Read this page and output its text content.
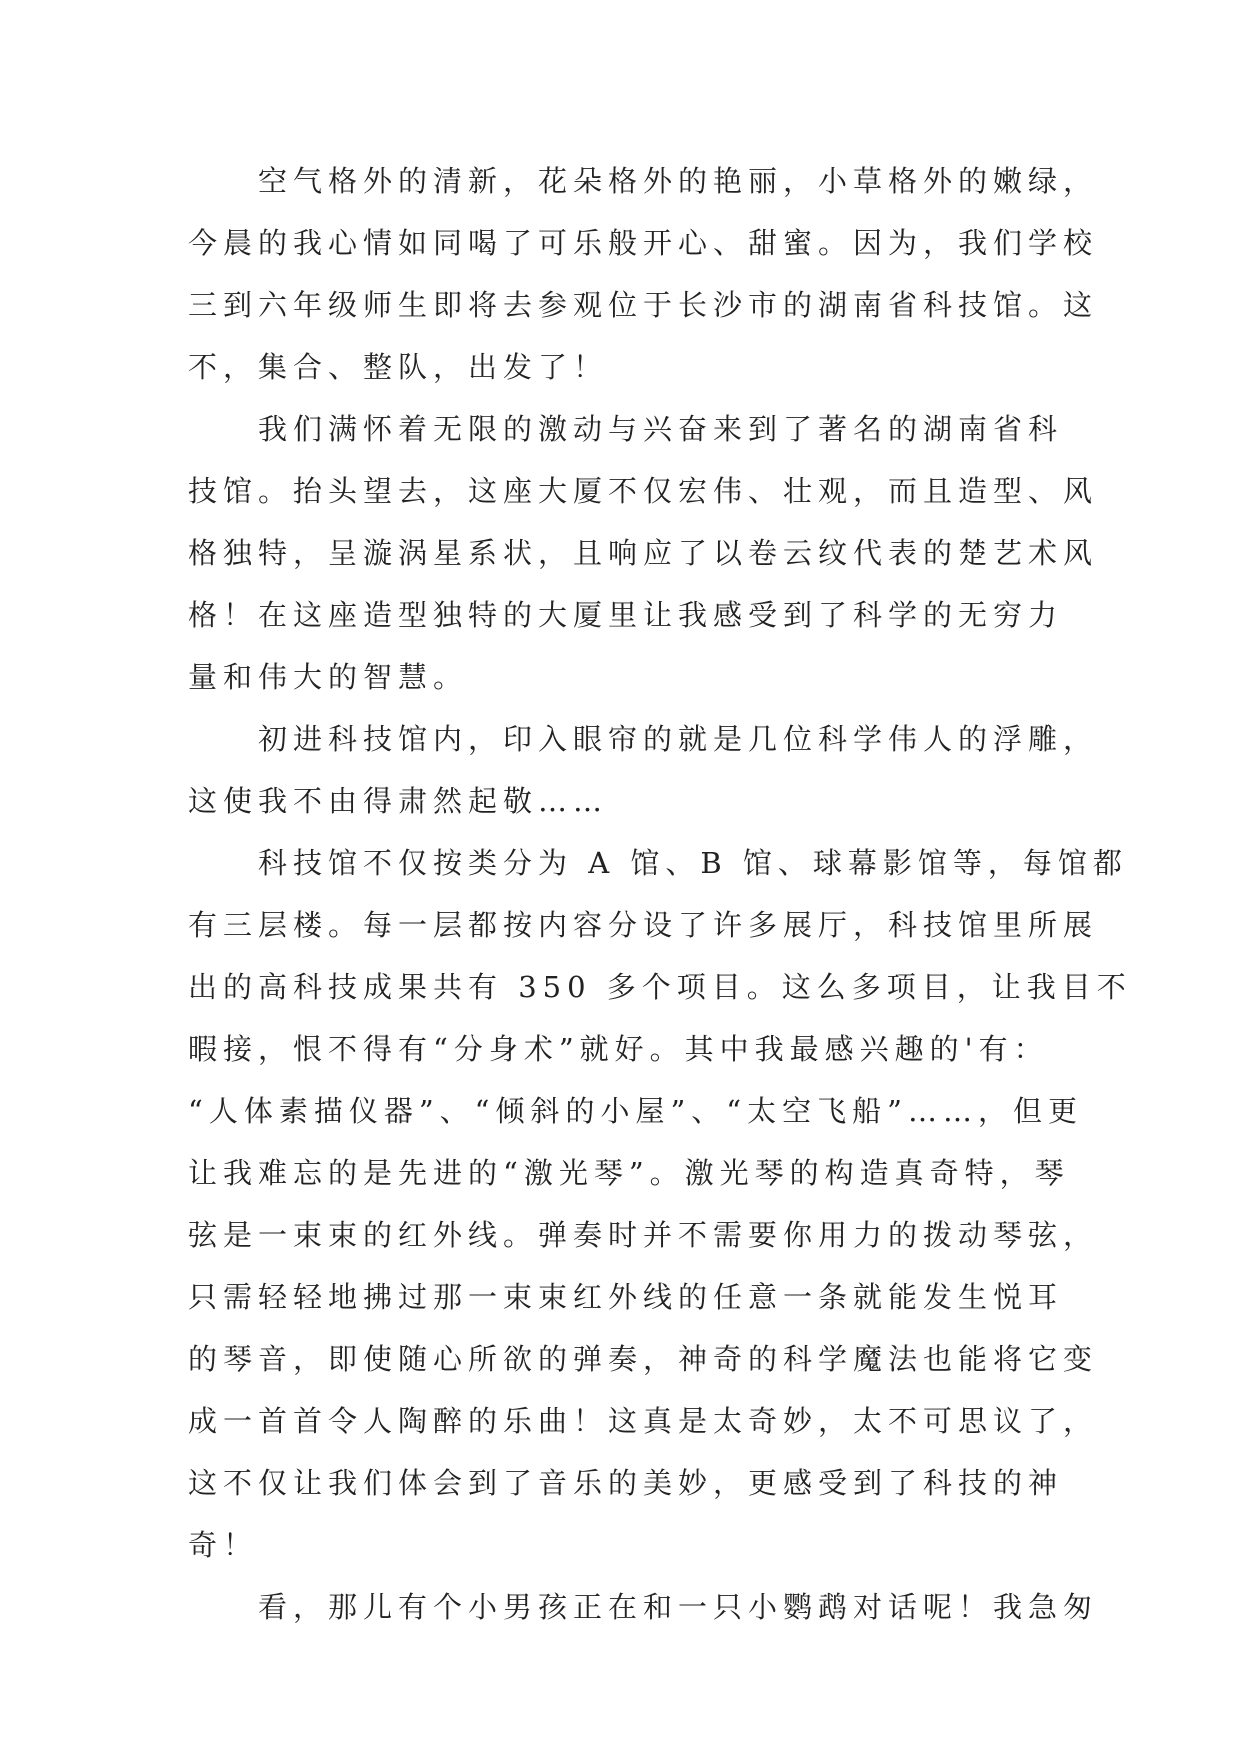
空气格外的清新，花朵格外的艳丽，小草格外的嫩绿，
今晨的我心情如同喝了可乐般开心、甜蜜。因为，我们学校
三到六年级师生即将去参观位于长沙市的湖南省科技馆。这
不，集合、整队，出发了！
我们满怀着无限的激动与兴奋来到了著名的湖南省科
技馆。抬头望去，这座大厦不仅宏伟、壮观，而且造型、风
格独特，呈漩涡星系状，且响应了以卷云纹代表的楚艺术风
格！在这座造型独特的大厦里让我感受到了科学的无穷力
量和伟大的智慧。
初进科技馆内，印入眼帘的就是几位科学伟人的浮雕，
这使我不由得肃然起敬……
科技馆不仅按类分为 A 馆、B 馆、球幕影馆等，每馆都
有三层楼。每一层都按内容分设了许多展厅，科技馆里所展
出的高科技成果共有 350 多个项目。这么多项目，让我目不
暇接，恨不得有“分身术”就好。其中我最感兴趣的'有：
“人体素描仪器”、“倾斜的小屋”、“太空飞船”……，但更
让我难忘的是先进的“激光琴”。激光琴的构造真奇特，琴
弦是一束束的红外线。弹奏时并不需要你用力的拨动琴弦，
只需轻轻地拂过那一束束红外线的任意一条就能发生悦耳
的琴音，即使随心所欲的弹奏，神奇的科学魔法也能将它变
成一首首令人陶醉的乐曲！这真是太奇妙，太不可思议了，
这不仅让我们体会到了音乐的美妙，更感受到了科技的神
奇！
看，那儿有个小男孩正在和一只小鹦鹉对话呢！我急匆
